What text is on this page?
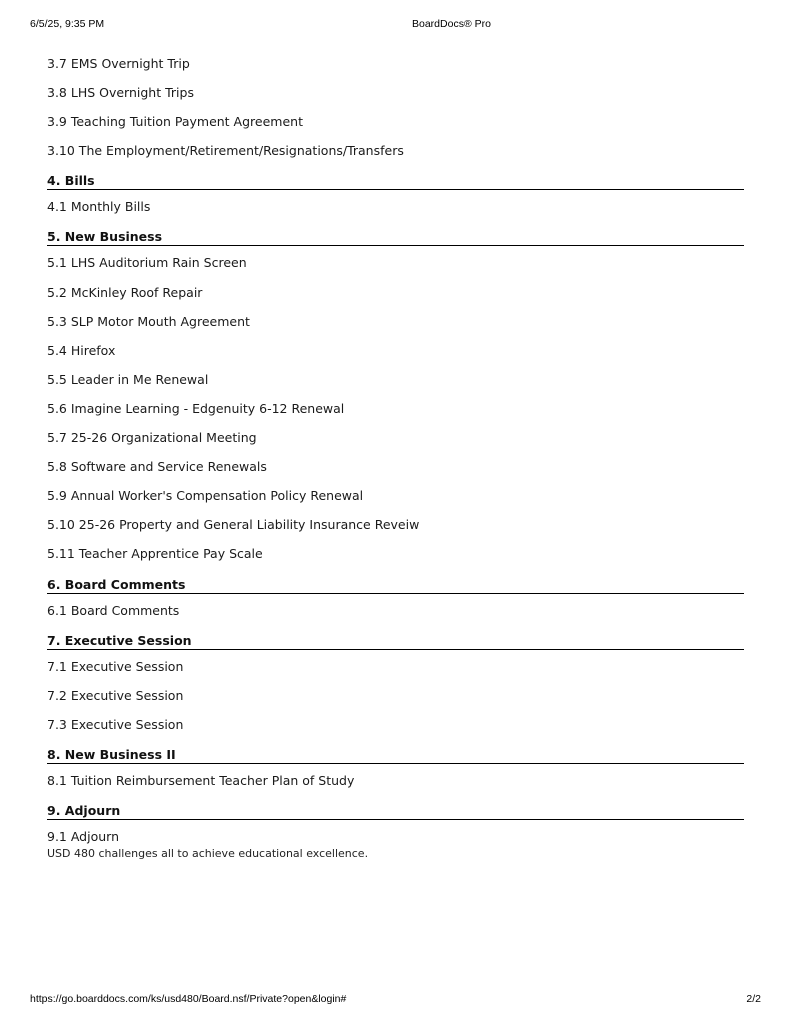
6/5/25, 9:35 PM	BoardDocs® Pro
3.7 EMS Overnight Trip
3.8 LHS Overnight Trips
3.9 Teaching Tuition Payment Agreement
3.10 The Employment/Retirement/Resignations/Transfers
4. Bills
4.1 Monthly Bills
5. New Business
5.1 LHS Auditorium Rain Screen
5.2 McKinley Roof Repair
5.3 SLP Motor Mouth Agreement
5.4 Hirefox
5.5 Leader in Me Renewal
5.6 Imagine Learning - Edgenuity 6-12 Renewal
5.7 25-26 Organizational Meeting
5.8 Software and Service Renewals
5.9 Annual Worker's Compensation Policy Renewal
5.10 25-26 Property and General Liability Insurance Reveiw
5.11 Teacher Apprentice Pay Scale
6. Board Comments
6.1 Board Comments
7. Executive Session
7.1 Executive Session
7.2 Executive Session
7.3 Executive Session
8. New Business II
8.1 Tuition Reimbursement Teacher Plan of Study
9. Adjourn
9.1 Adjourn
USD 480 challenges all to achieve educational excellence.
https://go.boarddocs.com/ks/usd480/Board.nsf/Private?open&login#	2/2
